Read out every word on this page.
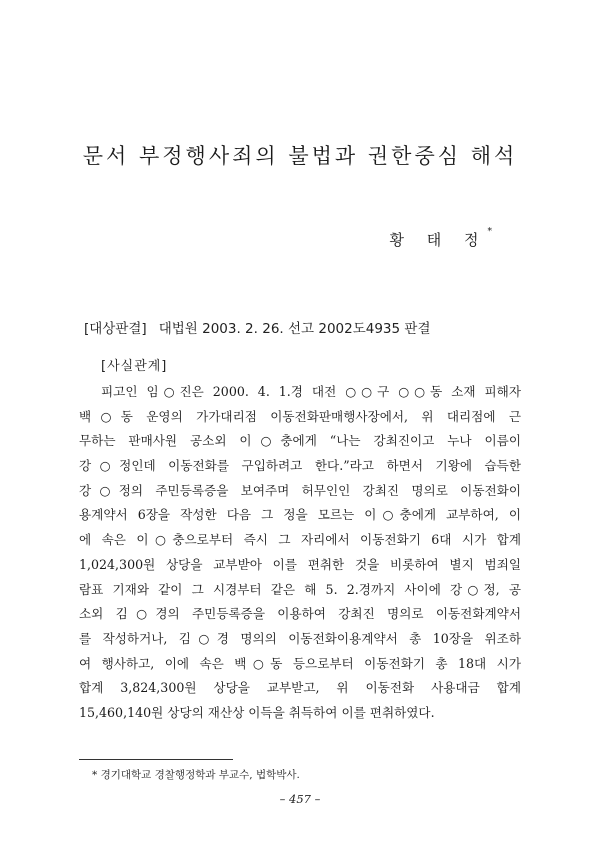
문서 부정행사죄의 불법과 권한중심 해석
황 태 정*
[대상판결] 대법원 2003. 2. 26. 선고 2002도4935 판결
[사실관계]
피고인 임○진은 2000. 4. 1.경 대전 ○○구 ○○동 소재 피해자
백○동 운영의 가가대리점 이동전화판매행사장에서, 위 대리점에 근
무하는 판매사원 공소외 이○충에게 “나는 강최진이고 누나 이름이
강○정인데 이동전화를 구입하려고 한다.”라고 하면서 기왕에 습득한
강○정의 주민등록증을 보여주며 허무인인 강최진 명의로 이동전화이
용계약서 6장을 작성한 다음 그 정을 모르는 이○충에게 교부하여, 이
에 속은 이○충으로부터 즉시 그 자리에서 이동전화기 6대 시가 합계
1,024,300원 상당을 교부받아 이를 편취한 것을 비롯하여 별지 범죄일
람표 기재와 같이 그 시경부터 같은 해 5. 2.경까지 사이에 강○정, 공
소외 김○경의 주민등록증을 이용하여 강최진 명의로 이동전화계약서
를 작성하거나, 김○경 명의의 이동전화이용계약서 총 10장을 위조하
여 행사하고, 이에 속은 백○동 등으로부터 이동전화기 총 18대 시가
합계 3,824,300원 상당을 교부받고, 위 이동전화 사용대금 합계
15,460,140원 상당의 재산상 이득을 취득하여 이를 편취하였다.
* 경기대학교 경찰행정학과 부교수, 법학박사.
– 457 –
